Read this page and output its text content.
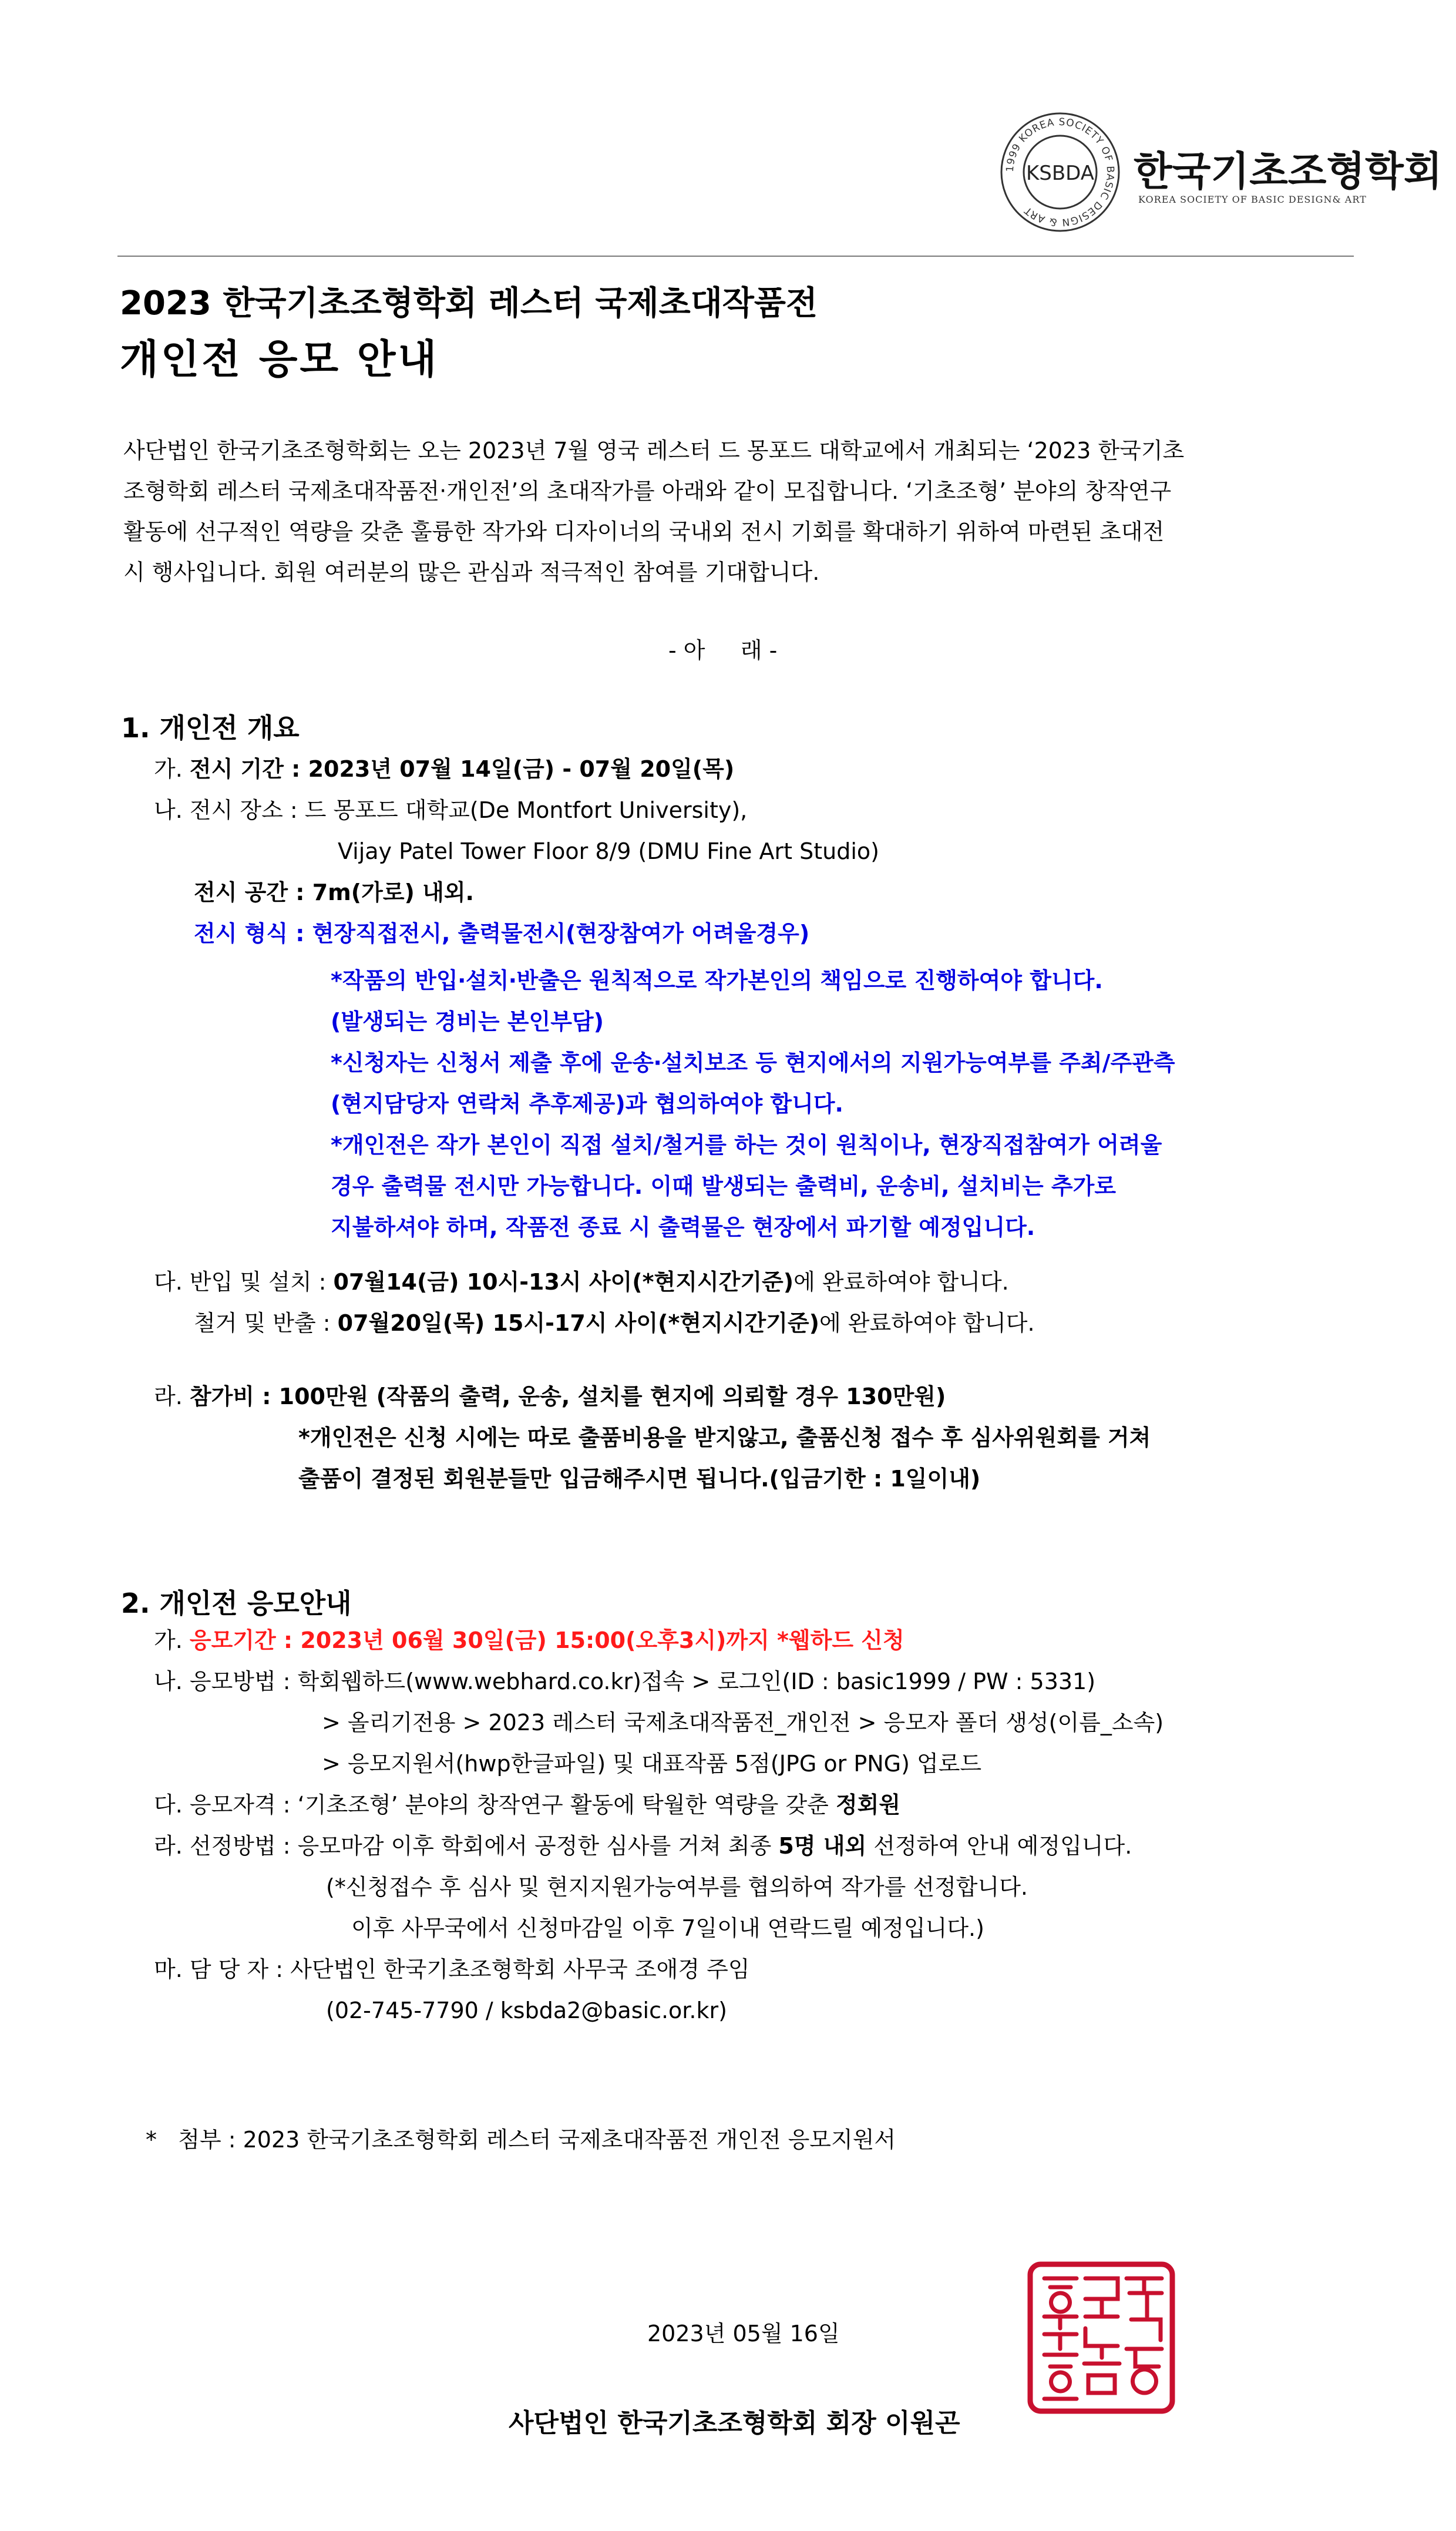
1999 KOREA SOCIETY OF BASIC DESIGN & ART
KSBDA 한국기초조형학회
KOREA SOCIETY OF BASIC DESIGN& ART
2023 한국기초조형학회 레스터 국제초대작품전
개인전 응모 안내
사단법인 한국기초조형학회는 오는 2023년 7월 영국 레스터 드 몽포드 대학교에서 개최되는 ‘2023 한국기초
조형학회 레스터 국제초대작품전‧개인전’의 초대작가를 아래와 같이 모집합니다. ‘기초조형’ 분야의 창작연구
활동에 선구적인 역량을 갖춘 훌륭한 작가와 디자이너의 국내외 전시 기회를 확대하기 위하여 마련된 초대전
시 행사입니다. 회원 여러분의 많은 관심과 적극적인 참여를 기대합니다.
- 아     래 -
1. 개인전 개요
가. 전시 기간 : 2023년 07월 14일(금) - 07월 20일(목)
나. 전시 장소 : 드 몽포드 대학교(De Montfort University),
Vijay Patel Tower Floor 8/9 (DMU Fine Art Studio)
전시 공간 : 7m(가로) 내외.
전시 형식 : 현장직접전시, 출력물전시(현장참여가 어려울경우)
*작품의 반입‧설치‧반출은 원칙적으로 작가본인의 책임으로 진행하여야 합니다.
(발생되는 경비는 본인부담)
*신청자는 신청서 제출 후에 운송‧설치보조 등 현지에서의 지원가능여부를 주최/주관측
(현지담당자 연락처 추후제공)과 협의하여야 합니다.
*개인전은 작가 본인이 직접 설치/철거를 하는 것이 원칙이나, 현장직접참여가 어려울
경우 출력물 전시만 가능합니다. 이때 발생되는 출력비, 운송비, 설치비는 추가로
지불하셔야 하며, 작품전 종료 시 출력물은 현장에서 파기할 예정입니다.
다. 반입 및 설치 : 07월14(금) 10시-13시 사이(*현지시간기준)에 완료하여야 합니다.
철거 및 반출 : 07월20일(목) 15시-17시 사이(*현지시간기준)에 완료하여야 합니다.
라. 참가비 : 100만원 (작품의 출력, 운송, 설치를 현지에 의뢰할 경우 130만원)
*개인전은 신청 시에는 따로 출품비용을 받지않고, 출품신청 접수 후 심사위원회를 거쳐
출품이 결정된 회원분들만 입금해주시면 됩니다.(입금기한 : 1일이내)
2. 개인전 응모안내
가. 응모기간 : 2023년 06월 30일(금) 15:00(오후3시)까지 *웹하드 신청
나. 응모방법 : 학회웹하드(www.webhard.co.kr)접속 > 로그인(ID : basic1999 / PW : 5331)
> 올리기전용 > 2023 레스터 국제초대작품전_개인전 > 응모자 폴더 생성(이름_소속)
> 응모지원서(hwp한글파일) 및 대표작품 5점(JPG or PNG) 업로드
다. 응모자격 : ‘기초조형’ 분야의 창작연구 활동에 탁월한 역량을 갖춘 정회원
라. 선정방법 : 응모마감 이후 학회에서 공정한 심사를 거쳐 최종 5명 내외 선정하여 안내 예정입니다.
(*신청접수 후 심사 및 현지지원가능여부를 협의하여 작가를 선정합니다.
이후 사무국에서 신청마감일 이후 7일이내 연락드릴 예정입니다.)
마. 담 당 자 : 사단법인 한국기초조형학회 사무국 조애경 주임
(02-745-7790 / ksbda2@basic.or.kr)
*   첨부 : 2023 한국기초조형학회 레스터 국제초대작품전 개인전 응모지원서
2023년 05월 16일
사단법인 한국기초조형학회 회장 이원곤
